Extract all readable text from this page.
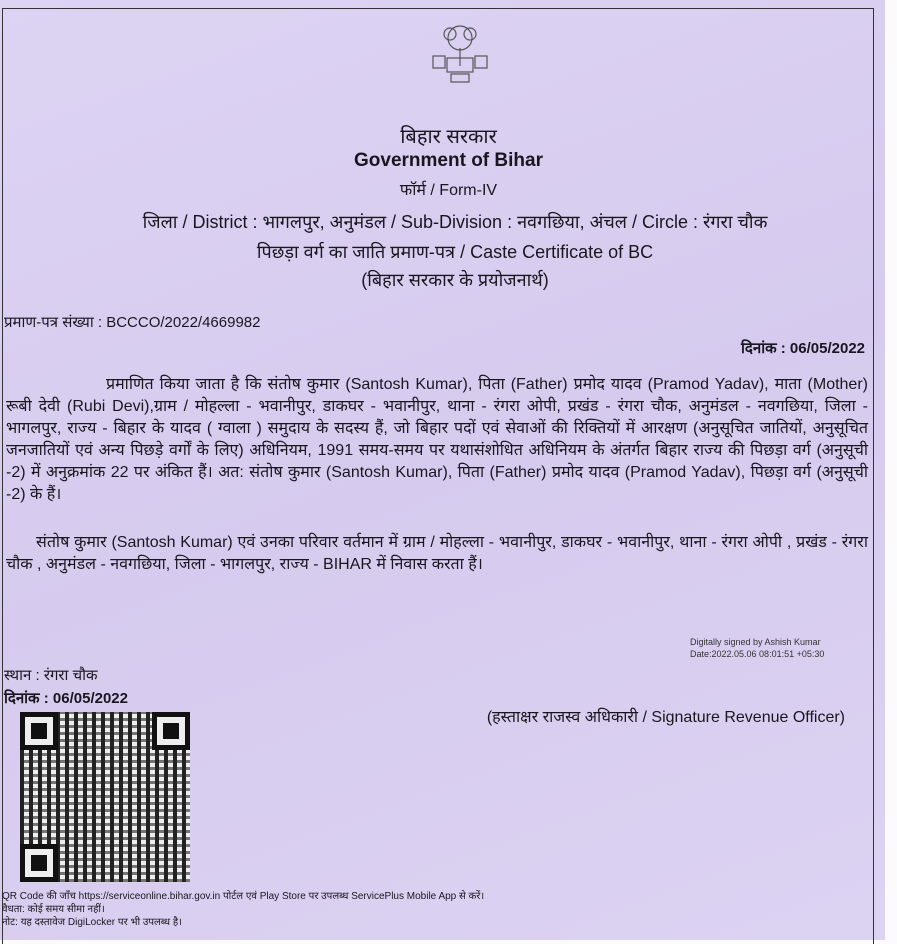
बिहार सरकार
Government of Bihar
फॉर्म / Form-IV
जिला / District : भागलपुर, अनुमंडल / Sub-Division : नवगछिया, अंचल / Circle : रंगरा चौक
पिछड़ा वर्ग का जाति प्रमाण-पत्र / Caste Certificate of BC
(बिहार सरकार के प्रयोजनार्थ)
प्रमाण-पत्र संख्या : BCCCO/2022/4669982
दिनांक : 06/05/2022
प्रमाणित किया जाता है कि संतोष कुमार (Santosh Kumar), पिता (Father) प्रमोद यादव (Pramod Yadav), माता (Mother) रूबी देवी (Rubi Devi),ग्राम / मोहल्ला - भवानीपुर, डाकघर - भवानीपुर, थाना - रंगरा ओपी, प्रखंड - रंगरा चौक, अनुमंडल - नवगछिया, जिला - भागलपुर, राज्य - बिहार के यादव ( ग्वाला ) समुदाय के सदस्य हैं, जो बिहार पदों एवं सेवाओं की रिक्तियों में आरक्षण (अनुसूचित जातियों, अनुसूचित जनजातियों एवं अन्य पिछड़े वर्गों के लिए) अधिनियम, 1991 समय-समय पर यथासंशोधित अधिनियम के अंतर्गत बिहार राज्य की पिछड़ा वर्ग (अनुसूची -2) में अनुक्रमांक 22 पर अंकित हैं। अत: संतोष कुमार (Santosh Kumar), पिता (Father) प्रमोद यादव (Pramod Yadav), पिछड़ा वर्ग (अनुसूची -2) के हैं।
संतोष कुमार (Santosh Kumar) एवं उनका परिवार वर्तमान में ग्राम / मोहल्ला - भवानीपुर, डाकघर - भवानीपुर, थाना - रंगरा ओपी , प्रखंड - रंगरा चौक , अनुमंडल - नवगछिया, जिला - भागलपुर, राज्य - BIHAR में निवास करता हैं।
Digitally signed by Ashish Kumar
Date:2022.05.06 08:01:51 +05:30
स्थान : रंगरा चौक
दिनांक : 06/05/2022
(हस्ताक्षर राजस्व अधिकारी / Signature Revenue Officer)
QR Code की जाँच https://serviceonline.bihar.gov.in पोर्टल एवं Play Store पर उपलब्ध ServicePlus Mobile App से करें।
वैधता: कोई समय सीमा नहीं।
नोट: यह दस्तावेज DigiLocker पर भी उपलब्ध है।
